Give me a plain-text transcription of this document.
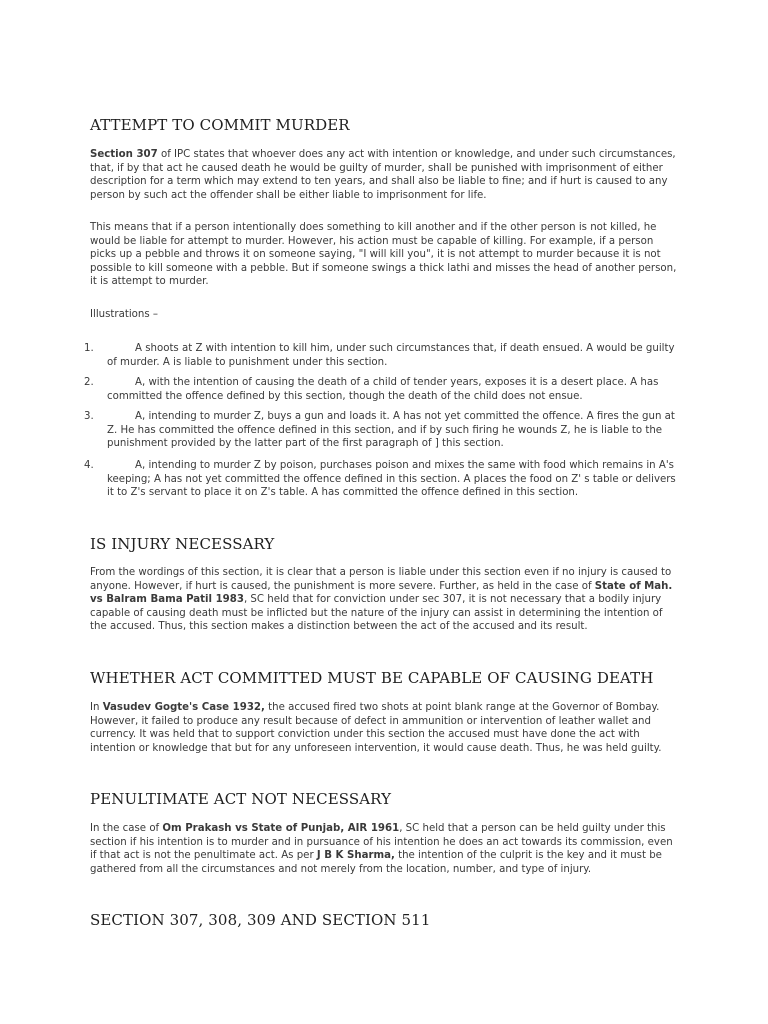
ATTEMPT TO COMMIT MURDER

Section 307 of IPC states that whoever does any act with intention or knowledge, and under such circumstances, that, if by that act he caused death he would be guilty of murder, shall be punished with imprisonment of either description for a term which may extend to ten years, and shall also be liable to fine; and if hurt is caused to any person by such act the offender shall be either liable to imprisonment for life.

This means that if a person intentionally does something to kill another and if the other person is not killed, he would be liable for attempt to murder. However, his action must be capable of killing. For example, if a person picks up a pebble and throws it on someone saying, "I will kill you", it is not attempt to murder because it is not possible to kill someone with a pebble. But if someone swings a thick lathi and misses the head of another person, it is attempt to murder.

Illustrations –

1.	A shoots at Z with intention to kill him, under such circumstances that, if death ensued. A would be guilty of murder. A is liable to punishment under this section.

2.	A, with the intention of causing the death of a child of tender years, exposes it is a desert place. A has committed the offence defined by this section, though the death of the child does not ensue.

3.	A, intending to murder Z, buys a gun and loads it. A has not yet committed the offence. A fires the gun at Z. He has committed the offence defined in this section, and if by such firing he wounds Z, he is liable to the punishment provided by the latter part of the first paragraph of ] this section.

4.	A, intending to murder Z by poison, purchases poison and mixes the same with food which remains in A's keeping; A has not yet committed the offence defined in this section. A places the food on Z' s table or delivers it to Z's servant to place it on Z's table. A has committed the offence defined in this section.

IS INJURY NECESSARY

From the wordings of this section, it is clear that a person is liable under this section even if no injury is caused to anyone. However, if hurt is caused, the punishment is more severe. Further, as held in the case of State of Mah. vs Balram Bama Patil 1983, SC held that for conviction under sec 307, it is not necessary that a bodily injury capable of causing death must be inflicted but the nature of the injury can assist in determining the intention of the accused. Thus, this section makes a distinction between the act of the accused and its result.

WHETHER ACT COMMITTED MUST BE CAPABLE OF CAUSING DEATH

In Vasudev Gogte's Case 1932, the accused fired two shots at point blank range at the Governor of Bombay. However, it failed to produce any result because of defect in ammunition or intervention of leather wallet and currency. It was held that to support conviction under this section the accused must have done the act with intention or knowledge that but for any unforeseen intervention, it would cause death. Thus, he was held guilty.

PENULTIMATE ACT NOT NECESSARY

In the case of Om Prakash vs State of Punjab, AIR 1961, SC held that a person can be held guilty under this section if his intention is to murder and in pursuance of his intention he does an act towards its commission, even if that act is not the penultimate act. As per J B K Sharma, the intention of the culprit is the key and it must be gathered from all the circumstances and not merely from the location, number, and type of injury.

SECTION 307, 308, 309 AND SECTION 511
